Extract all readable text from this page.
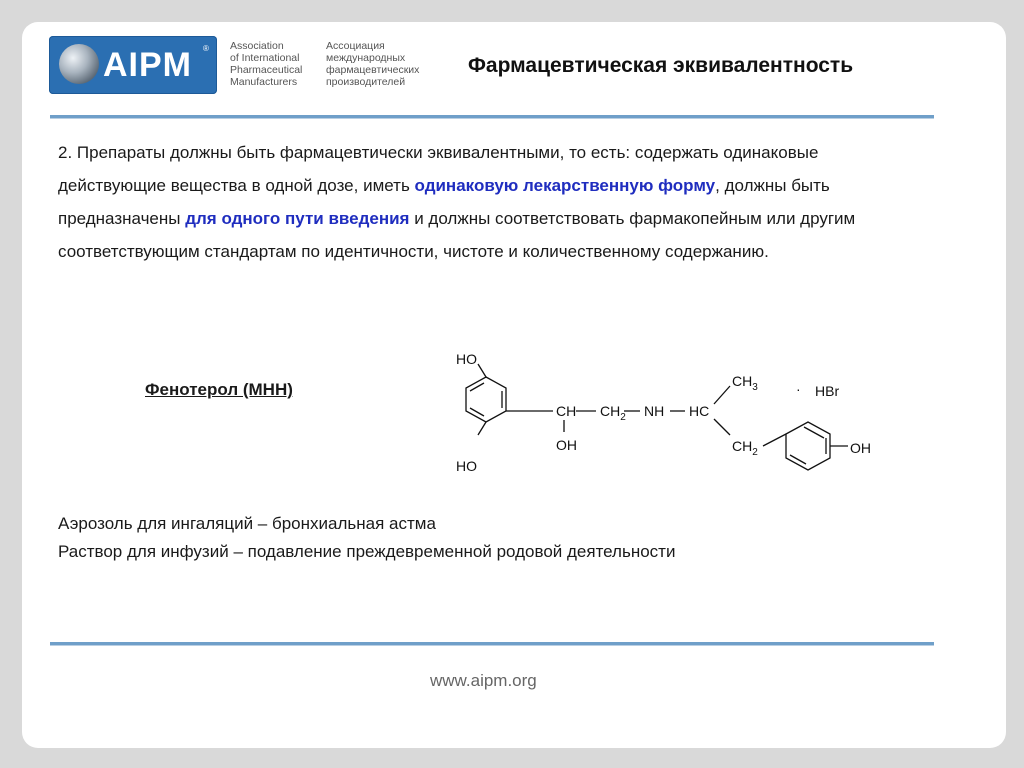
AIPM ® Association
of International
Pharmaceutical
Manufacturers
Ассоциация
международных
фармацевтических
производителей
Фармацевтическая эквивалентность
2. Препараты должны быть фармацевтически эквивалентными, то есть: содержать одинаковые действующие вещества в одной дозе, иметь одинаковую лекарственную форму, должны быть предназначены для одного пути введения и должны соответствовать фармакопейным или другим соответствующим стандартам по идентичности, чистоте и количественному содержанию.
Фенотерол (МНН)
HO
HO
CH
OH
$CH_2$ NH HC
$CH_3$
$CH_2$	OH
· HBr
Аэрозоль для ингаляций – бронхиальная астма
Раствор для инфузий – подавление преждевременной родовой деятельности
www.aipm.org
